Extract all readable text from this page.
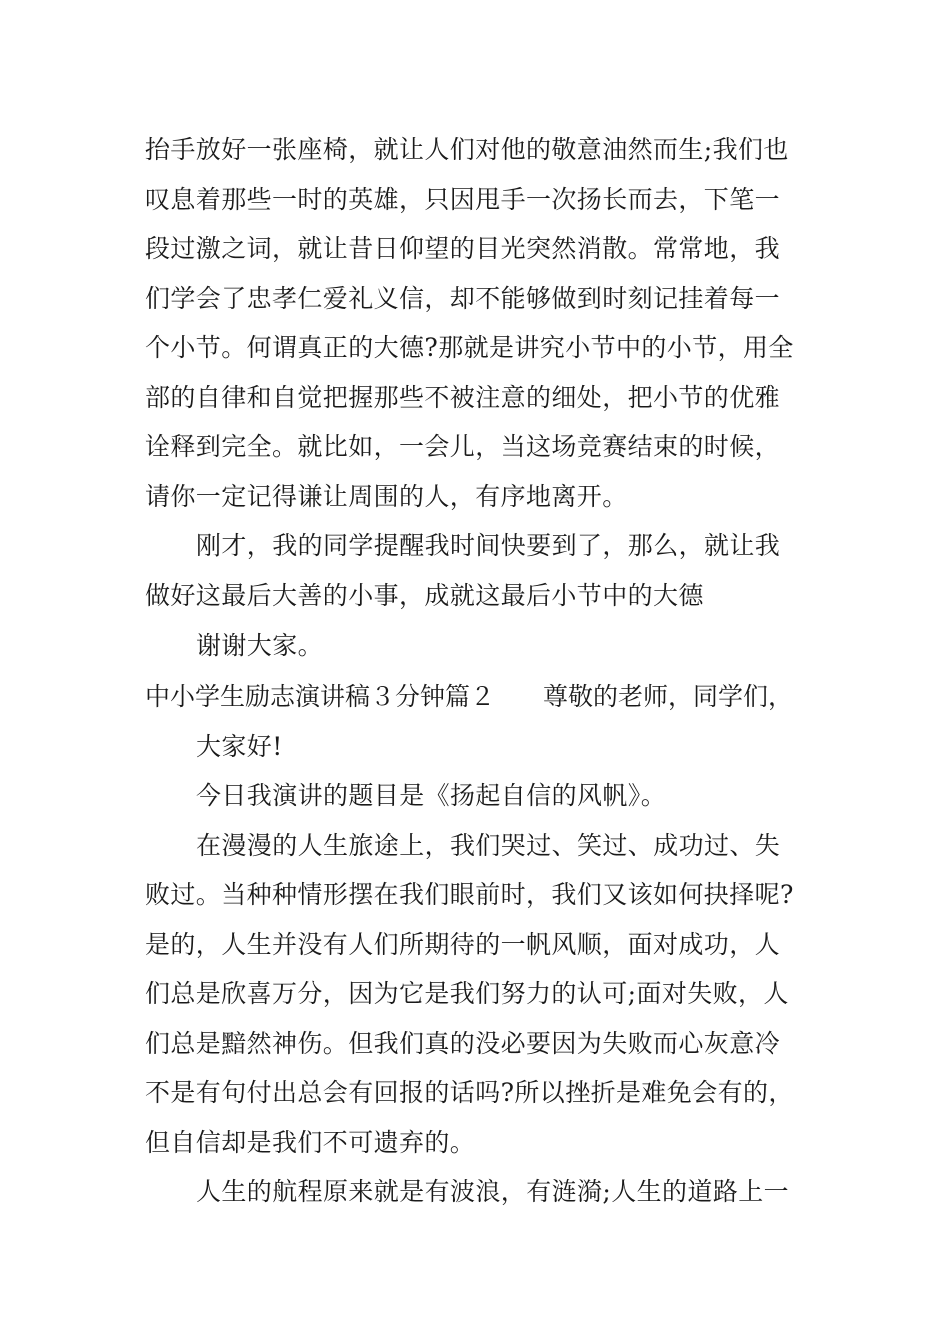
抬手放好一张座椅，就让人们对他的敬意油然而生;我们也
叹息着那些一时的英雄，只因甩手一次扬长而去，下笔一
段过激之词，就让昔日仰望的目光突然消散。常常地，我
们学会了忠孝仁爱礼义信，却不能够做到时刻记挂着每一
个小节。何谓真正的大德?那就是讲究小节中的小节，用全
部的自律和自觉把握那些不被注意的细处，把小节的优雅
诠释到完全。就比如，一会儿，当这场竞赛结束的时候，
请你一定记得谦让周围的人，有序地离开。
刚才，我的同学提醒我时间快要到了，那么，就让我
做好这最后大善的小事，成就这最后小节中的大德
谢谢大家。
中小学生励志演讲稿３分钟篇２ 尊敬的老师，同学们，
大家好!
今日我演讲的题目是《扬起自信的风帆》。
在漫漫的人生旅途上，我们哭过、笑过、成功过、失
败过。当种种情形摆在我们眼前时，我们又该如何抉择呢?
是的，人生并没有人们所期待的一帆风顺，面对成功，人
们总是欣喜万分，因为它是我们努力的认可;面对失败，人
们总是黯然神伤。但我们真的没必要因为失败而心灰意冷
不是有句付出总会有回报的话吗?所以挫折是难免会有的，
但自信却是我们不可遗弃的。
人生的航程原来就是有波浪，有涟漪;人生的道路上一
